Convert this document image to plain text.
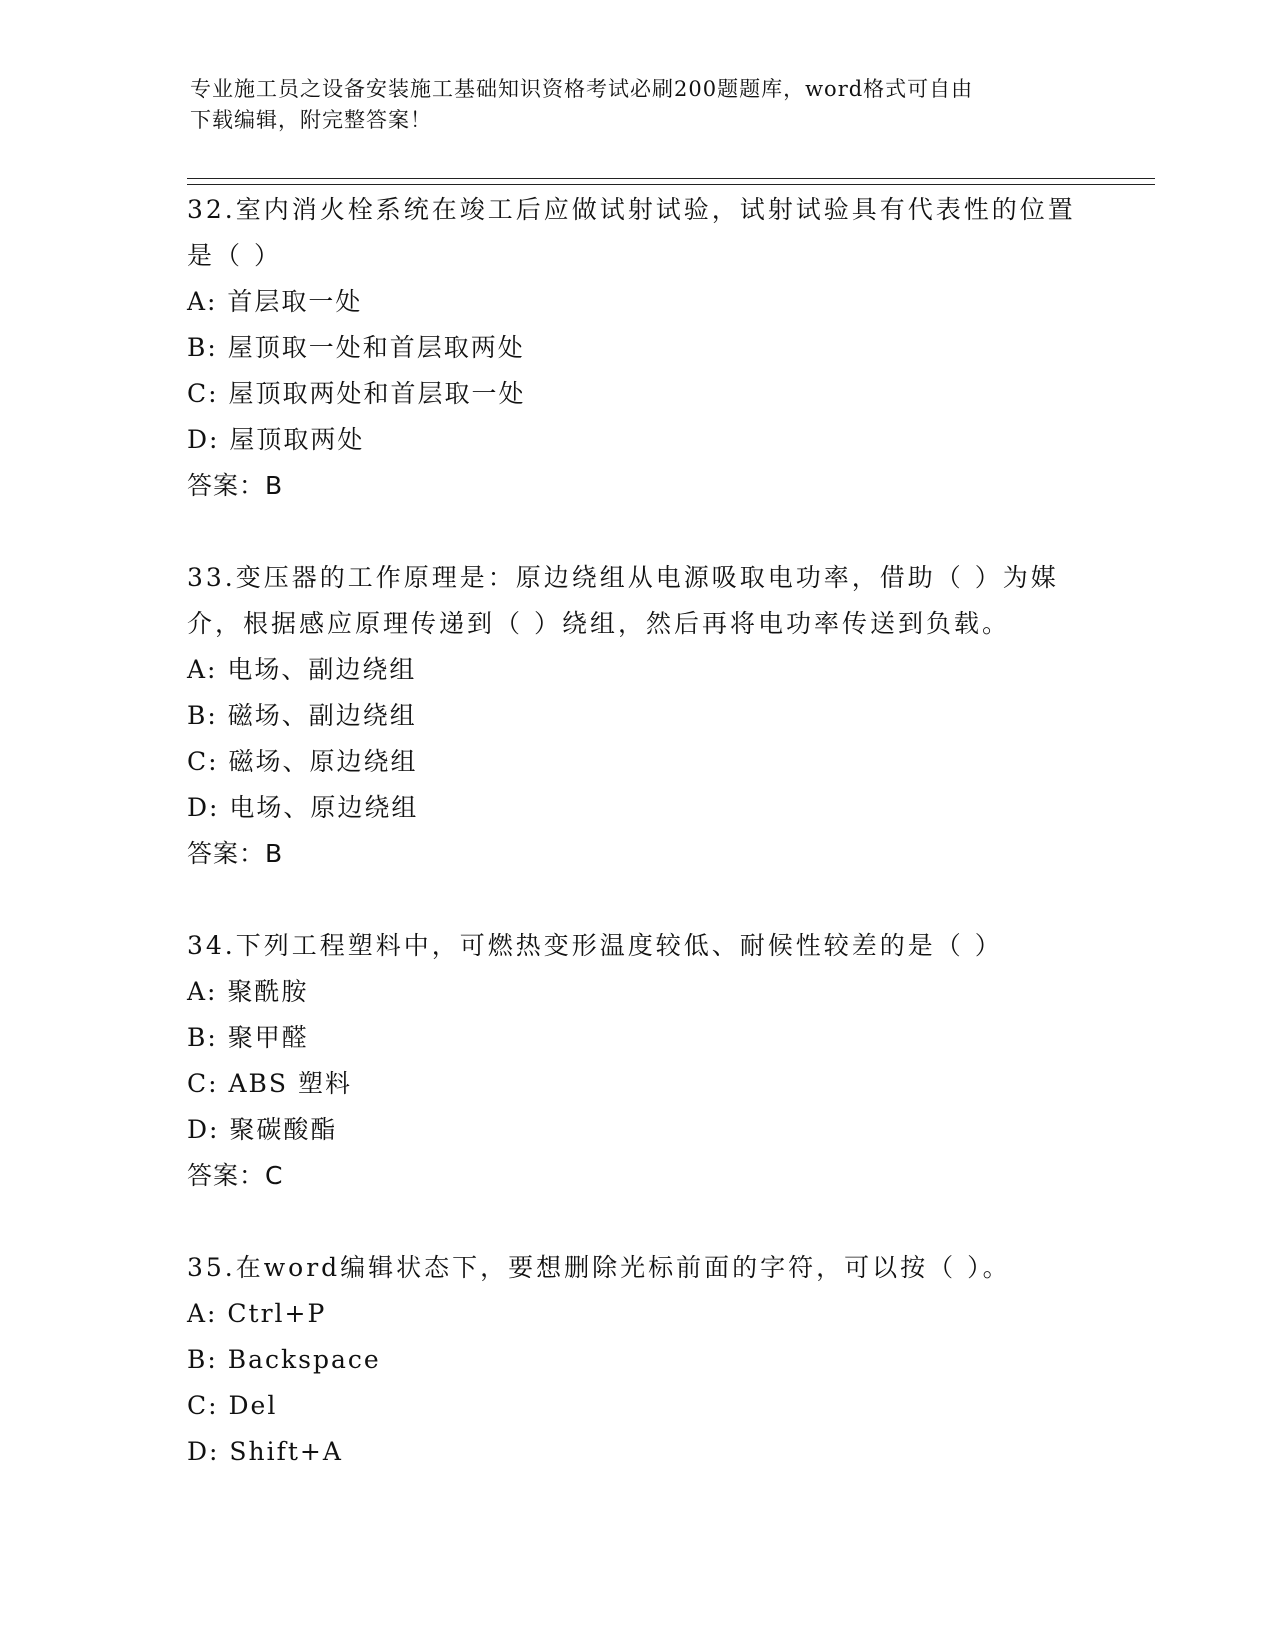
专业施工员之设备安装施工基础知识资格考试必刷200题题库，word格式可自由
下载编辑，附完整答案！

32.室内消火栓系统在竣工后应做试射试验，试射试验具有代表性的位置是（ ）

A: 首层取一处

B: 屋顶取一处和首层取两处

C: 屋顶取两处和首层取一处

D: 屋顶取两处

答案：B

33.变压器的工作原理是：原边绕组从电源吸取电功率，借助（ ）为媒介，根据感应原理传递到（ ）绕组，然后再将电功率传送到负载。

A: 电场、副边绕组

B: 磁场、副边绕组

C: 磁场、原边绕组

D: 电场、原边绕组

答案：B

34.下列工程塑料中，可燃热变形温度较低、耐候性较差的是（ ）

A: 聚酰胺

B: 聚甲醛

C: ABS 塑料

D: 聚碳酸酯

答案：C

35.在word编辑状态下，要想删除光标前面的字符，可以按（ ）。

A: Ctrl+P

B: Backspace

C: Del

D: Shift+A
